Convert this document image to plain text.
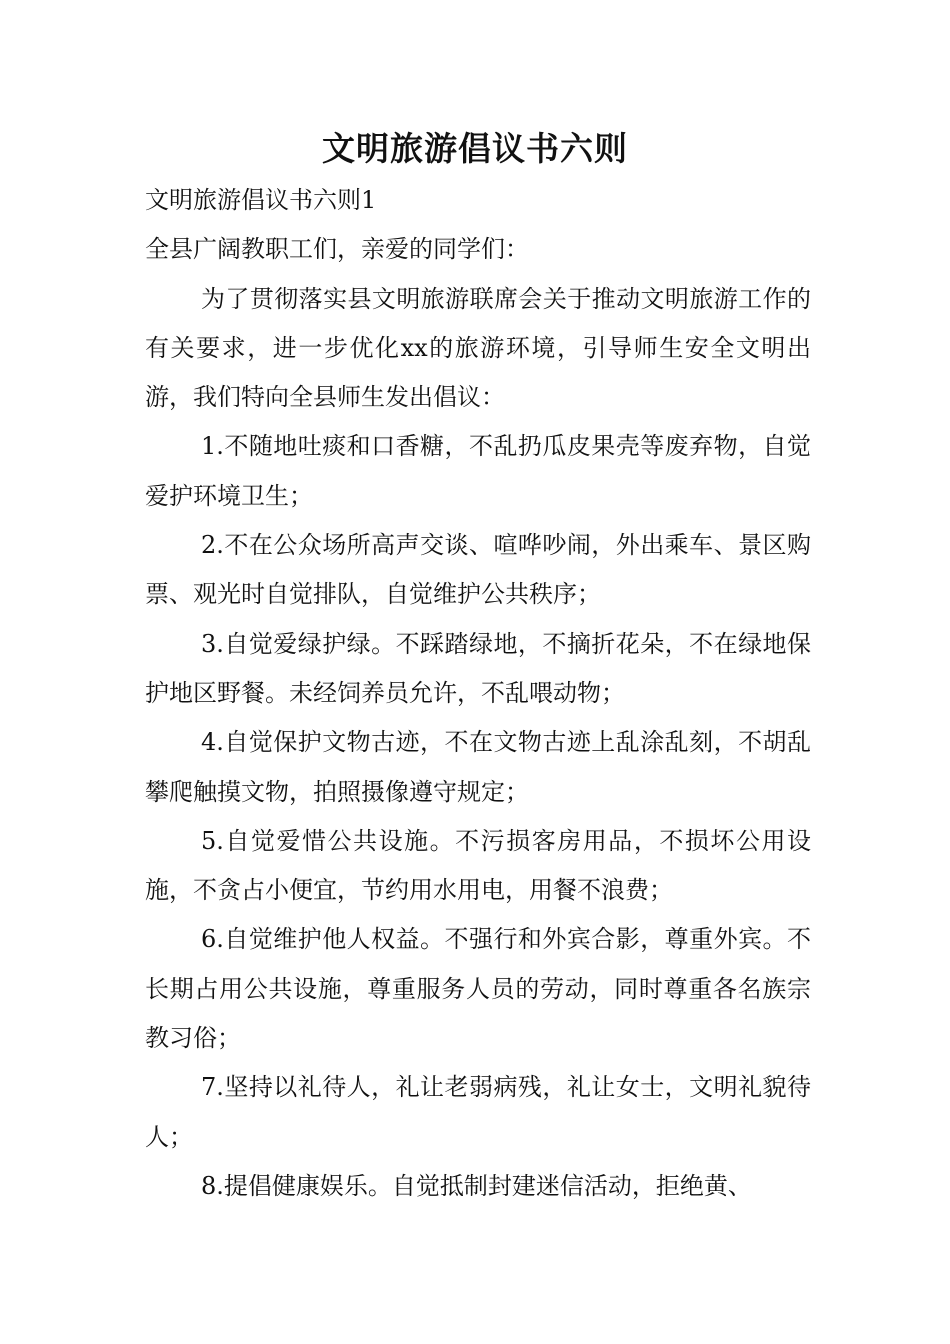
文明旅游倡议书六则

文明旅游倡议书六则1

全县广阔教职工们，亲爱的同学们：

为了贯彻落实县文明旅游联席会关于推动文明旅游工作的有关要求，进一步优化xx的旅游环境，引导师生安全文明出游，我们特向全县师生发出倡议：

1.不随地吐痰和口香糖，不乱扔瓜皮果壳等废弃物，自觉爱护环境卫生；

2.不在公众场所高声交谈、喧哗吵闹，外出乘车、景区购票、观光时自觉排队，自觉维护公共秩序；

3.自觉爱绿护绿。不踩踏绿地，不摘折花朵，不在绿地保护地区野餐。未经饲养员允许，不乱喂动物；

4.自觉保护文物古迹，不在文物古迹上乱涂乱刻，不胡乱攀爬触摸文物，拍照摄像遵守规定；

5.自觉爱惜公共设施。不污损客房用品，不损坏公用设施，不贪占小便宜，节约用水用电，用餐不浪费；

6.自觉维护他人权益。不强行和外宾合影，尊重外宾。不长期占用公共设施，尊重服务人员的劳动，同时尊重各名族宗教习俗；

7.坚持以礼待人，礼让老弱病残，礼让女士，文明礼貌待人；

8.提倡健康娱乐。自觉抵制封建迷信活动，拒绝黄、
